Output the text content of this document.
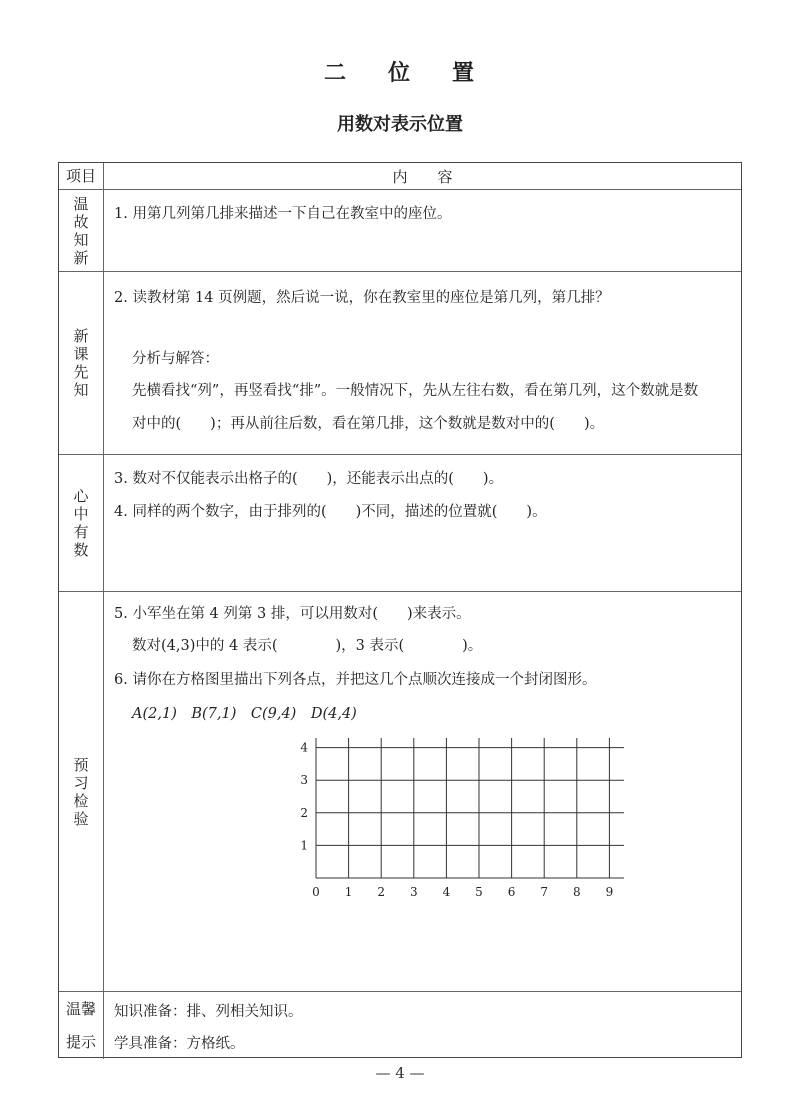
二 位 置
用数对表示位置
项目	内　　容
温故知新
1. 用第几列第几排来描述一下自己在教室中的座位。
新课先知
2. 读教材第 14 页例题，然后说一说，你在教室里的座位是第几列，第几排？
分析与解答：
先横看找“列”，再竖看找“排”。一般情况下，先从左往右数，看在第几列，这个数就是数
对中的(　　)；再从前往后数，看在第几排，这个数就是数对中的(　　)。
心中有数
3. 数对不仅能表示出格子的(　　)，还能表示出点的(　　)。
4. 同样的两个数字，由于排列的(　　)不同，描述的位置就(　　)。
预习检验
5. 小军坐在第 4 列第 3 排，可以用数对(　　)来表示。
数对(4,3)中的 4 表示(　　　　)，3 表示(　　　　)。
6. 请你在方格图里描出下列各点，并把这几个点顺次连接成一个封闭图形。
A(2,1)　B(7,1)　C(9,4)　D(4,4)
0 1 2 3 4 5 6 7 8 9
1
2
3
4
温馨
提示
知识准备：排、列相关知识。
学具准备：方格纸。
— 4 —
